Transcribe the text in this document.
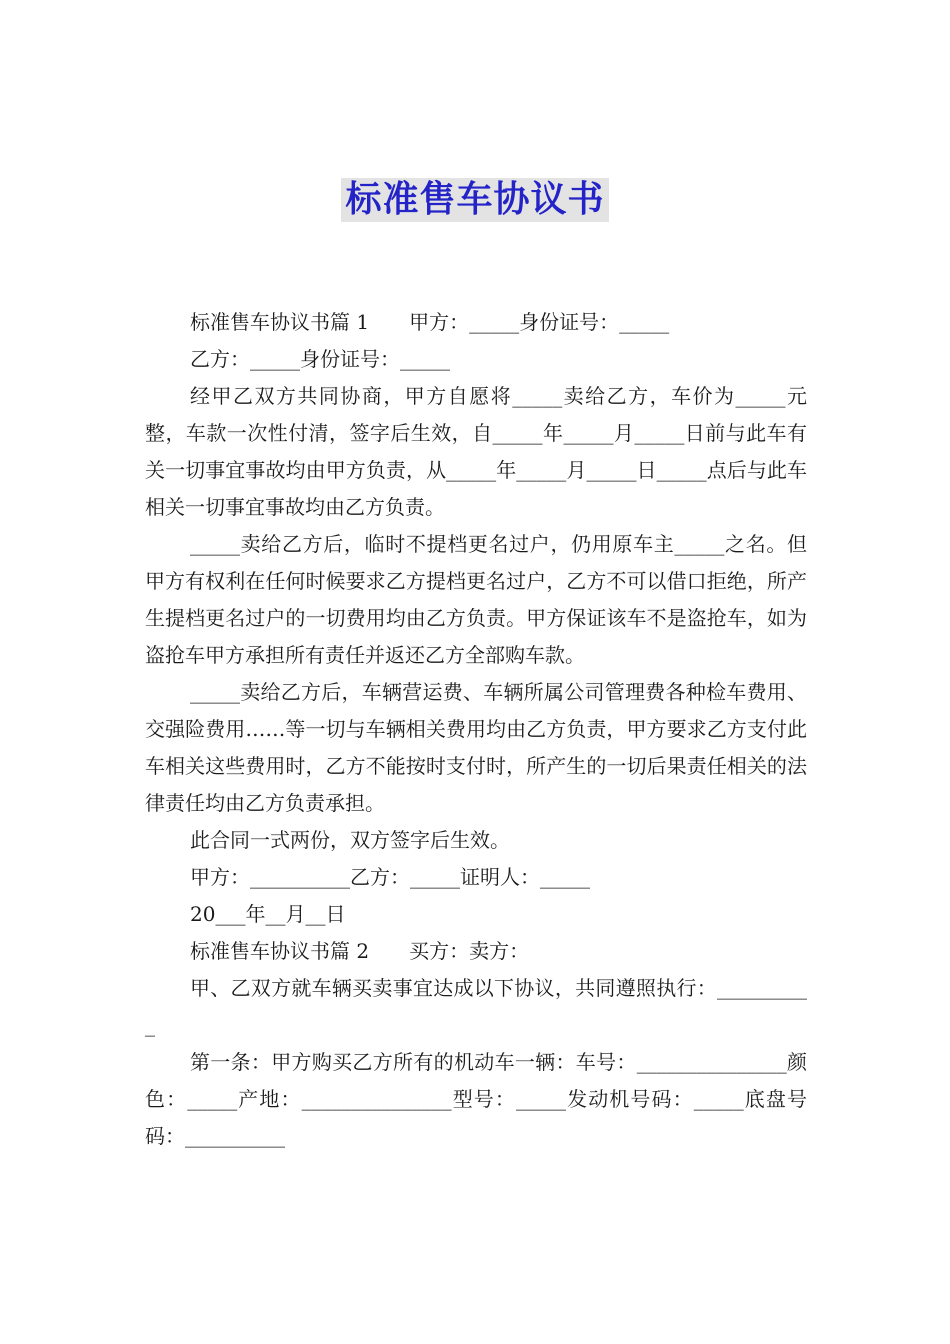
标准售车协议书

标准售车协议书篇 1　　甲方：_____身份证号：_____

乙方：_____身份证号：_____

经甲乙双方共同协商，甲方自愿将_____卖给乙方，车价为_____元整，车款一次性付清，签字后生效，自_____年_____月_____日前与此车有关一切事宜事故均由甲方负责，从_____年_____月_____日_____点后与此车相关一切事宜事故均由乙方负责。

_____卖给乙方后，临时不提档更名过户，仍用原车主_____之名。但甲方有权利在任何时候要求乙方提档更名过户，乙方不可以借口拒绝，所产生提档更名过户的一切费用均由乙方负责。甲方保证该车不是盗抢车，如为盗抢车甲方承担所有责任并返还乙方全部购车款。

_____卖给乙方后，车辆营运费、车辆所属公司管理费各种检车费用、交强险费用……等一切与车辆相关费用均由乙方负责，甲方要求乙方支付此车相关这些费用时，乙方不能按时支付时，所产生的一切后果责任相关的法律责任均由乙方负责承担。

此合同一式两份，双方签字后生效。

甲方：__________乙方：_____证明人：_____

20___年__月__日

标准售车协议书篇 2　　买方：卖方：

甲、乙双方就车辆买卖事宜达成以下协议，共同遵照执行：__________

第一条：甲方购买乙方所有的机动车一辆：车号：_______________颜色：_____产地：_______________型号：_____发动机号码：_____底盘号码：__________
